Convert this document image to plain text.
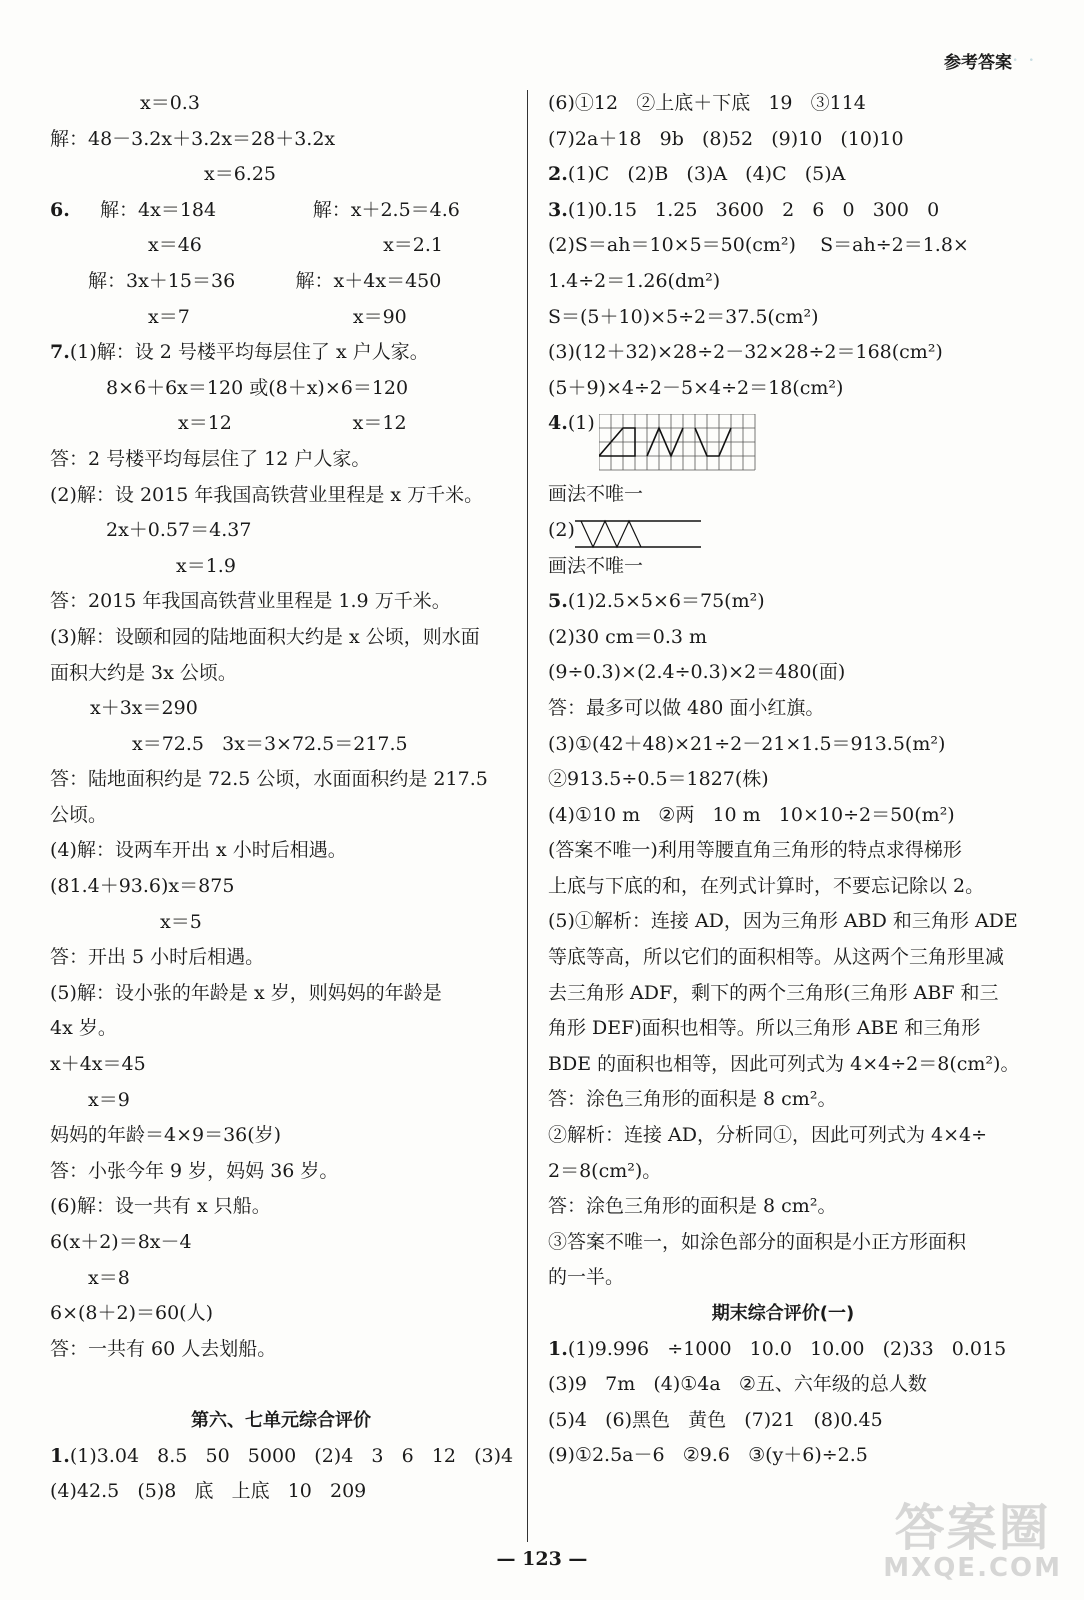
参考答案 • •
x＝0.3
解：48－3.2x＋3.2x＝28＋3.2x
x＝6.25
6.     解：4x＝184                解：x＋2.5＝4.6
x＝46                              x＝2.1
解：3x＋15＝36          解：x＋4x＝450
x＝7                           x＝90
7.(1)解：设 2 号楼平均每层住了 x 户人家。
8×6＋6x＝120 或(8＋x)×6＝120
x＝12                    x＝12
答：2 号楼平均每层住了 12 户人家。
(2)解：设 2015 年我国高铁营业里程是 x 万千米。
2x＋0.57＝4.37
x＝1.9
答：2015 年我国高铁营业里程是 1.9 万千米。
(3)解：设颐和园的陆地面积大约是 x 公顷，则水面
面积大约是 3x 公顷。
x＋3x＝290
x＝72.5   3x＝3×72.5＝217.5
答：陆地面积约是 72.5 公顷，水面面积约是 217.5
公顷。
(4)解：设两车开出 x 小时后相遇。
(81.4＋93.6)x＝875
x＝5
答：开出 5 小时后相遇。
(5)解：设小张的年龄是 x 岁，则妈妈的年龄是
4x 岁。
x＋4x＝45
x＝9
妈妈的年龄＝4×9＝36(岁)
答：小张今年 9 岁，妈妈 36 岁。
(6)解：设一共有 x 只船。
6(x＋2)＝8x－4
x＝8
6×(8＋2)＝60(人)
答：一共有 60 人去划船。
第六、七单元综合评价
1.(1)3.04   8.5   50   5000   (2)4   3   6   12   (3)4
(4)42.5   (5)8   底   上底   10   209
(6)①12   ②上底＋下底   19   ③114
(7)2a＋18   9b   (8)52   (9)10   (10)10
2.(1)C   (2)B   (3)A   (4)C   (5)A
3.(1)0.15   1.25   3600   2   6   0   300   0
(2)S＝ah＝10×5＝50(cm²)    S＝ah÷2＝1.8×
1.4÷2＝1.26(dm²)
S＝(5＋10)×5÷2＝37.5(cm²)
(3)(12＋32)×28÷2－32×28÷2＝168(cm²)
(5＋9)×4÷2－5×4÷2＝18(cm²)
4.(1)
画法不唯一
(2)
画法不唯一
5.(1)2.5×5×6＝75(m²)
(2)30 cm＝0.3 m
(9÷0.3)×(2.4÷0.3)×2＝480(面)
答：最多可以做 480 面小红旗。
(3)①(42＋48)×21÷2－21×1.5＝913.5(m²)
②913.5÷0.5＝1827(株)
(4)①10 m   ②两   10 m   10×10÷2＝50(m²)
(答案不唯一)利用等腰直角三角形的特点求得梯形
上底与下底的和，在列式计算时，不要忘记除以 2。
(5)①解析：连接 AD，因为三角形 ABD 和三角形 ADE
等底等高，所以它们的面积相等。从这两个三角形里减
去三角形 ADF，剩下的两个三角形(三角形 ABF 和三
角形 DEF)面积也相等。所以三角形 ABE 和三角形
BDE 的面积也相等，因此可列式为 4×4÷2＝8(cm²)。
答：涂色三角形的面积是 8 cm²。
②解析：连接 AD，分析同①，因此可列式为 4×4÷
2＝8(cm²)。
答：涂色三角形的面积是 8 cm²。
③答案不唯一，如涂色部分的面积是小正方形面积
的一半。
期末综合评价(一)
1.(1)9.996   ÷1000   10.0   10.00   (2)33   0.015
(3)9   7m   (4)①4a   ②五、六年级的总人数
(5)4   (6)黑色   黄色   (7)21   (8)0.45
(9)①2.5a－6   ②9.6   ③(y＋6)÷2.5
— 123 —
答案圈
MXQE.COM
